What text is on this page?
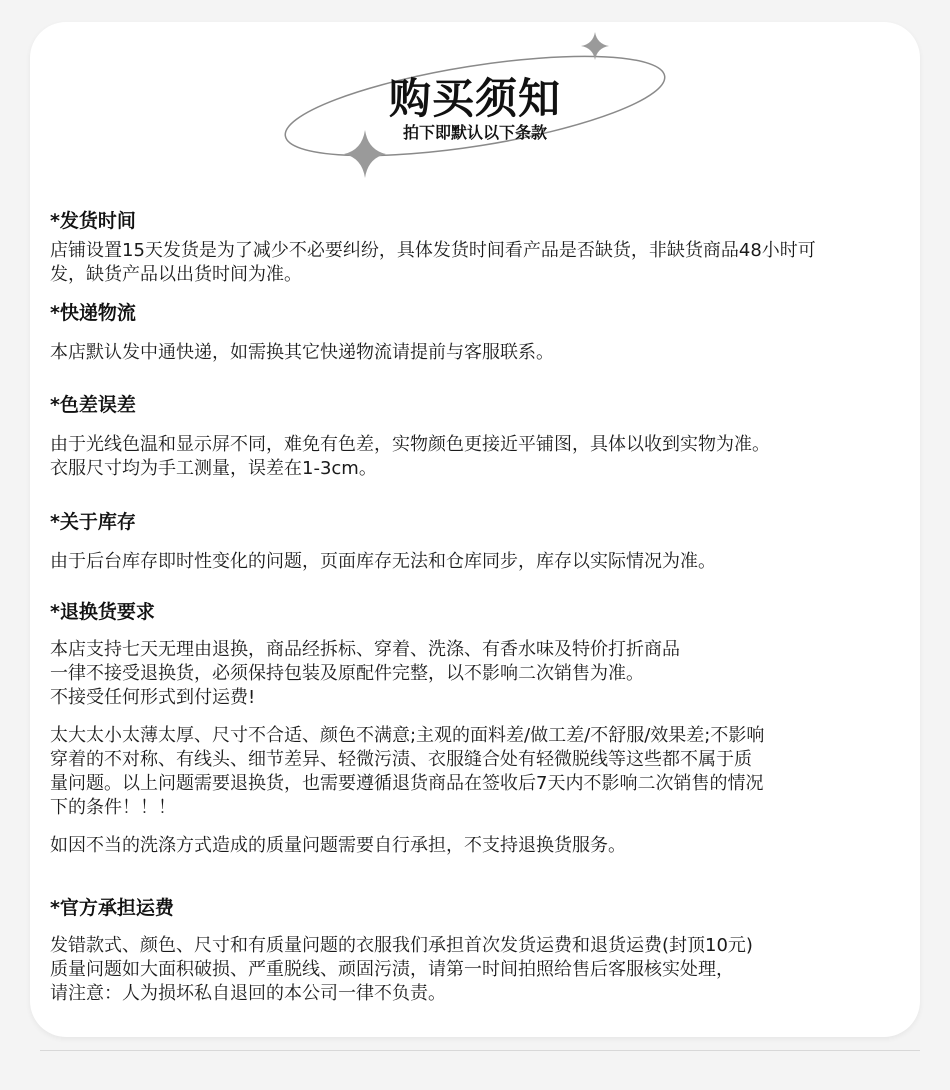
购买须知
拍下即默认以下条款
*发货时间

店铺设置15天发货是为了减少不必要纠纷，具体发货时间看产品是否缺货，非缺货商品48小时可
发，缺货产品以出货时间为准。

*快递物流

本店默认发中通快递，如需换其它快递物流请提前与客服联系。

*色差误差

由于光线色温和显示屏不同，难免有色差，实物颜色更接近平铺图，具体以收到实物为准。
衣服尺寸均为手工测量，误差在1-3cm。

*关于库存

由于后台库存即时性变化的问题，页面库存无法和仓库同步，库存以实际情况为准。

*退换货要求

本店支持七天无理由退换，商品经拆标、穿着、洗涤、有香水味及特价打折商品
一律不接受退换货，必须保持包装及原配件完整，以不影响二次销售为准。
不接受任何形式到付运费!

太大太小太薄太厚、尺寸不合适、颜色不满意;主观的面料差/做工差/不舒服/效果差;不影响
穿着的不对称、有线头、细节差异、轻微污渍、衣服缝合处有轻微脱线等这些都不属于质
量问题。以上问题需要退换货，也需要遵循退货商品在签收后7天内不影响二次销售的情况
下的条件！！！

如因不当的洗涤方式造成的质量问题需要自行承担，不支持退换货服务。

*官方承担运费

发错款式、颜色、尺寸和有质量问题的衣服我们承担首次发货运费和退货运费(封顶10元)
质量问题如大面积破损、严重脱线、顽固污渍，请第一时间拍照给售后客服核实处理，
请注意：人为损坏私自退回的本公司一律不负责。
